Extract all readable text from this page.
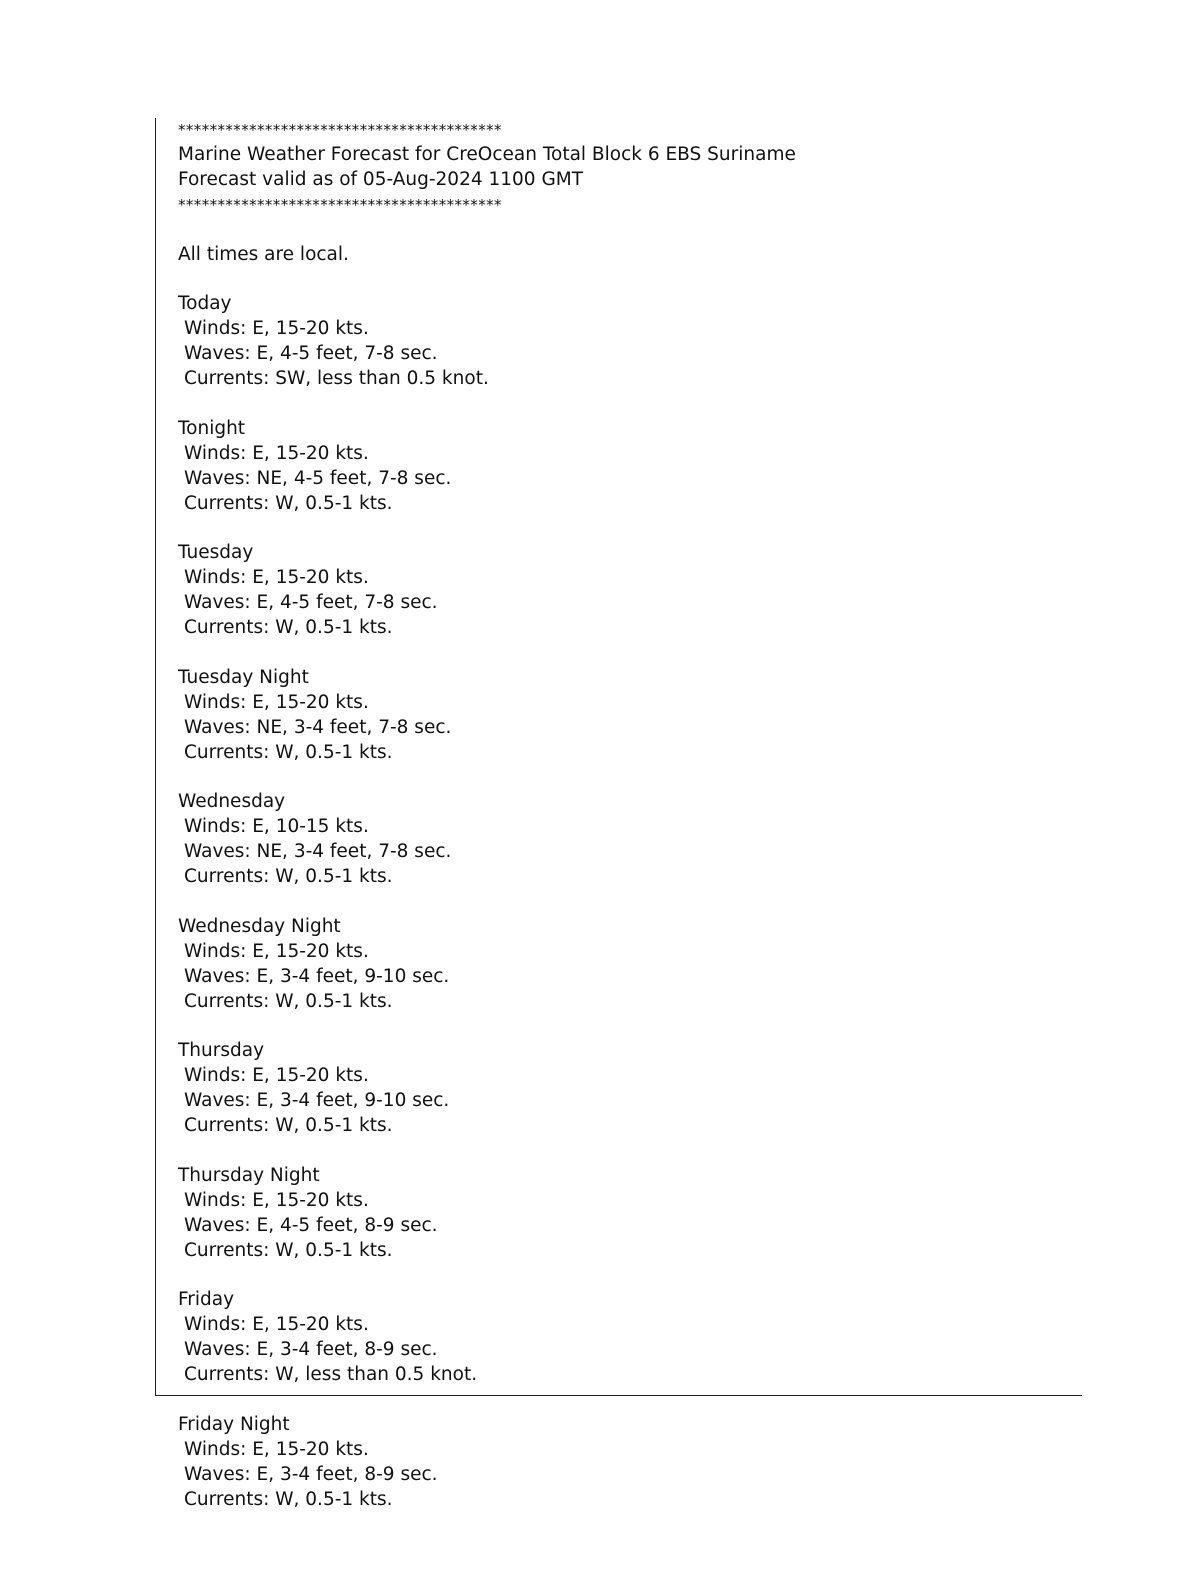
*****************************************
Marine Weather Forecast for CreOcean Total Block 6 EBS Suriname
Forecast valid as of 05-Aug-2024 1100 GMT
*****************************************
All times are local.
Today
Winds: E, 15-20 kts.
Waves: E, 4-5 feet, 7-8 sec.
Currents: SW, less than 0.5 knot.
Tonight
Winds: E, 15-20 kts.
Waves: NE, 4-5 feet, 7-8 sec.
Currents: W, 0.5-1 kts.
Tuesday
Winds: E, 15-20 kts.
Waves: E, 4-5 feet, 7-8 sec.
Currents: W, 0.5-1 kts.
Tuesday Night
Winds: E, 15-20 kts.
Waves: NE, 3-4 feet, 7-8 sec.
Currents: W, 0.5-1 kts.
Wednesday
Winds: E, 10-15 kts.
Waves: NE, 3-4 feet, 7-8 sec.
Currents: W, 0.5-1 kts.
Wednesday Night
Winds: E, 15-20 kts.
Waves: E, 3-4 feet, 9-10 sec.
Currents: W, 0.5-1 kts.
Thursday
Winds: E, 15-20 kts.
Waves: E, 3-4 feet, 9-10 sec.
Currents: W, 0.5-1 kts.
Thursday Night
Winds: E, 15-20 kts.
Waves: E, 4-5 feet, 8-9 sec.
Currents: W, 0.5-1 kts.
Friday
Winds: E, 15-20 kts.
Waves: E, 3-4 feet, 8-9 sec.
Currents: W, less than 0.5 knot.
Friday Night
Winds: E, 15-20 kts.
Waves: E, 3-4 feet, 8-9 sec.
Currents: W, 0.5-1 kts.
